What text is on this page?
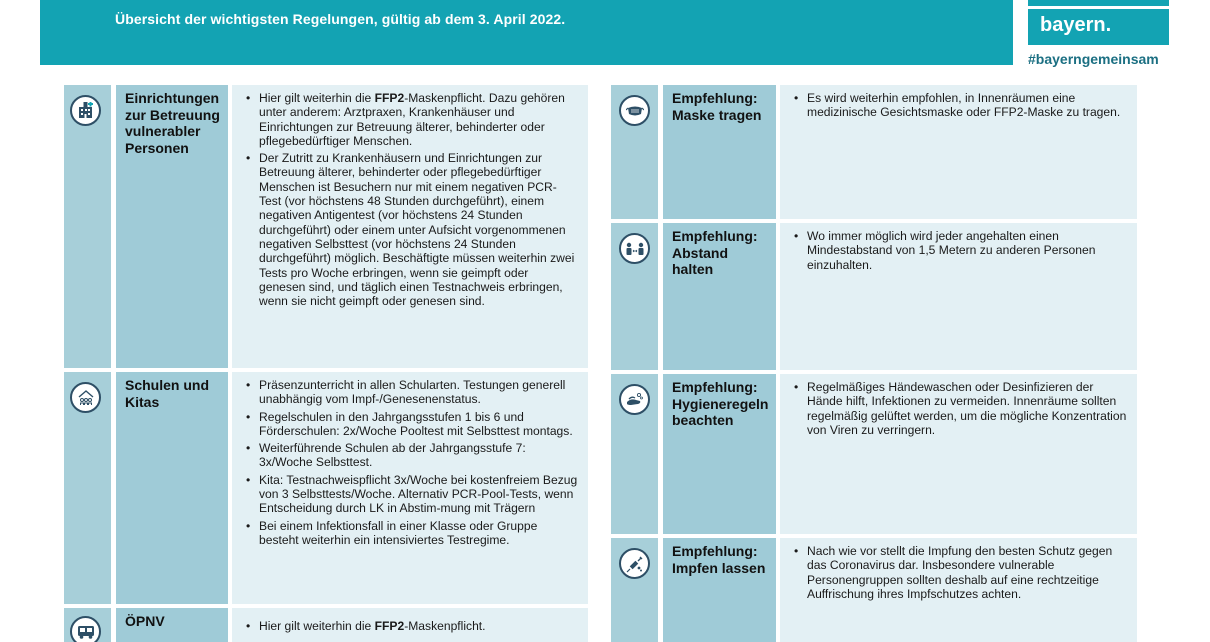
Übersicht der wichtigsten Regelungen, gültig ab dem 3. April 2022.	bayern.
#bayerngemeinsam
Einrichtungen zur Betreuung vulnerabler Personen
• Hier gilt weiterhin die FFP2-Maskenpflicht. Dazu gehören unter anderem: Arztpraxen, Krankenhäuser und Einrichtungen zur Betreuung älterer, behinderter oder pflegebedürftiger Menschen.
• Der Zutritt zu Krankenhäusern und Einrichtungen zur Betreuung älterer, behinderter oder pflegebedürftiger Menschen ist Besuchern nur mit einem negativen PCR-Test (vor höchstens 48 Stunden durchgeführt), einem negativen Antigentest (vor höchstens 24 Stunden durchgeführt) oder einem unter Aufsicht vorgenommenen negativen Selbsttest (vor höchstens 24 Stunden durchgeführt) möglich. Beschäftigte müssen weiterhin zwei Tests pro Woche erbringen, wenn sie geimpft oder genesen sind, und täglich einen Testnachweis erbringen, wenn sie nicht geimpft oder genesen sind.
Schulen und Kitas
• Präsenzunterricht in allen Schularten. Testungen generell unabhängig vom Impf-/Genesenenstatus.
• Regelschulen in den Jahrgangsstufen 1 bis 6 und Förderschulen: 2x/Woche Pooltest mit Selbsttest montags.
• Weiterführende Schulen ab der Jahrgangsstufe 7: 3x/Woche Selbsttest.
• Kita: Testnachweispflicht 3x/Woche bei kostenfreiem Bezug von 3 Selbsttests/Woche. Alternativ PCR-Pool-Tests, wenn Entscheidung durch LK in Abstim-mung mit Trägern
• Bei einem Infektionsfall in einer Klasse oder Gruppe besteht weiterhin ein intensiviertes Testregime.
ÖPNV
•	Hier gilt weiterhin die FFP2-Maskenpflicht.
Empfehlung: Maske tragen
• Es wird weiterhin empfohlen, in Innenräumen eine medizinische Gesichtsmaske oder FFP2-Maske zu tragen.
Empfehlung: Abstand halten
• Wo immer möglich wird jeder angehalten einen Mindestabstand von 1,5 Metern zu anderen Personen einzuhalten.
Empfehlung: Hygieneregeln beachten
• Regelmäßiges Händewaschen oder Desinfizieren der Hände hilft, Infektionen zu vermeiden. Innenräume sollten regelmäßig gelüftet werden, um die mögliche Konzentration von Viren zu verringern.
Empfehlung: Impfen lassen
• Nach wie vor stellt die Impfung den besten Schutz gegen das Coronavirus dar. Insbesondere vulnerable Personengruppen sollten deshalb auf eine rechtzeitige Auffrischung ihres Impfschutzes achten.
